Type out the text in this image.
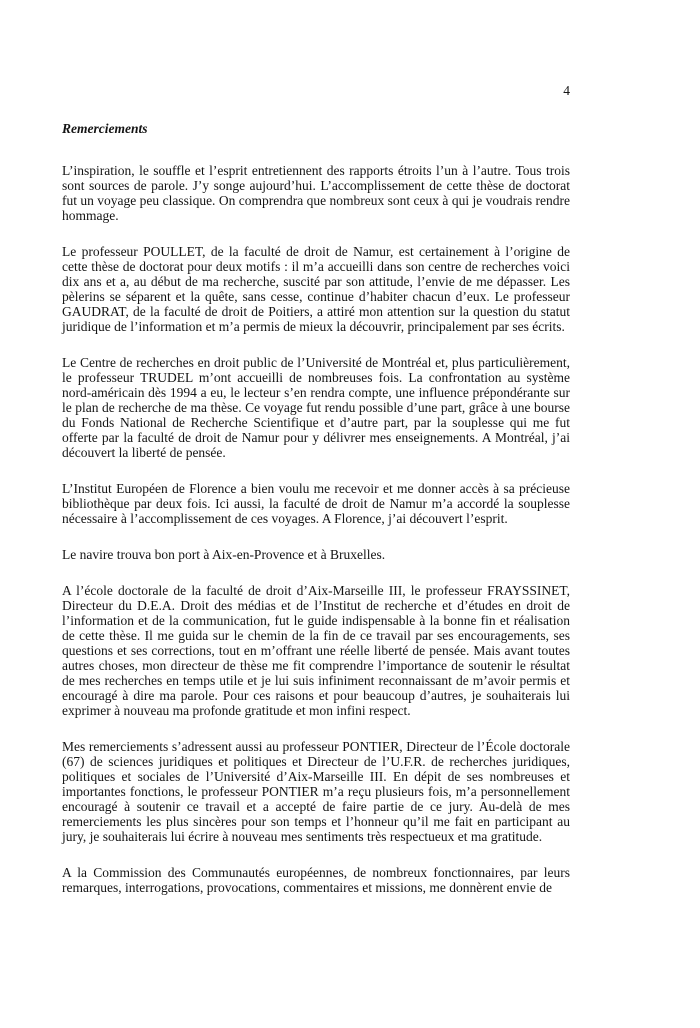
4
Remerciements

L’inspiration, le souffle et l’esprit entretiennent des rapports étroits l’un à l’autre. Tous trois sont sources de parole. J’y songe aujourd’hui. L’accomplissement de cette thèse de doctorat fut un voyage peu classique. On comprendra que nombreux sont ceux à qui je voudrais rendre hommage.

Le professeur POULLET, de la faculté de droit de Namur, est certainement à l’origine de cette thèse de doctorat pour deux motifs : il m’a accueilli dans son centre de recherches voici dix ans et a, au début de ma recherche, suscité par son attitude, l’envie de me dépasser. Les pèlerins se séparent et la quête, sans cesse, continue d’habiter chacun d’eux. Le professeur GAUDRAT, de la faculté de droit de Poitiers, a attiré mon attention sur la question du statut juridique de l’information et m’a permis de mieux la découvrir, principalement par ses écrits.

Le Centre de recherches en droit public de l’Université de Montréal et, plus particulièrement, le professeur TRUDEL m’ont accueilli de nombreuses fois. La confrontation au système nord-américain dès 1994 a eu, le lecteur s’en rendra compte, une influence prépondérante sur le plan de recherche de ma thèse. Ce voyage fut rendu possible d’une part, grâce à une bourse du Fonds National de Recherche Scientifique et d’autre part, par la souplesse qui me fut offerte par la faculté de droit de Namur pour y délivrer mes enseignements. A Montréal, j’ai découvert la liberté de pensée.

L’Institut Européen de Florence a bien voulu me recevoir et me donner accès à sa précieuse bibliothèque par deux fois. Ici aussi, la faculté de droit de Namur m’a accordé la souplesse nécessaire à l’accomplissement de ces voyages. A Florence, j’ai découvert l’esprit.

Le navire trouva bon port à Aix-en-Provence et à Bruxelles.

A l’école doctorale de la faculté de droit d’Aix-Marseille III, le professeur FRAYSSINET, Directeur du D.E.A. Droit des médias et de l’Institut de recherche et d’études en droit de l’information et de la communication, fut le guide indispensable à la bonne fin et réalisation de cette thèse. Il me guida sur le chemin de la fin de ce travail par ses encouragements, ses questions et ses corrections, tout en m’offrant une réelle liberté de pensée. Mais avant toutes autres choses, mon directeur de thèse me fit comprendre l’importance de soutenir le résultat de mes recherches en temps utile et je lui suis infiniment reconnaissant de m’avoir permis et encouragé à dire ma parole. Pour ces raisons et pour beaucoup d’autres, je souhaiterais lui exprimer à nouveau ma profonde gratitude et mon infini respect.

Mes remerciements s’adressent aussi au professeur PONTIER, Directeur de l’École doctorale (67) de sciences juridiques et politiques et Directeur de l’U.F.R. de recherches juridiques, politiques et sociales de l’Université d’Aix-Marseille III. En dépit de ses nombreuses et importantes fonctions, le professeur PONTIER m’a reçu plusieurs fois, m’a personnellement encouragé à soutenir ce travail et a accepté de faire partie de ce jury. Au-delà de mes remerciements les plus sincères pour son temps et l’honneur qu’il me fait en participant au jury, je souhaiterais lui écrire à nouveau mes sentiments très respectueux et ma gratitude.

A la Commission des Communautés européennes, de nombreux fonctionnaires, par leurs remarques, interrogations, provocations, commentaires et missions, me donnèrent envie de
